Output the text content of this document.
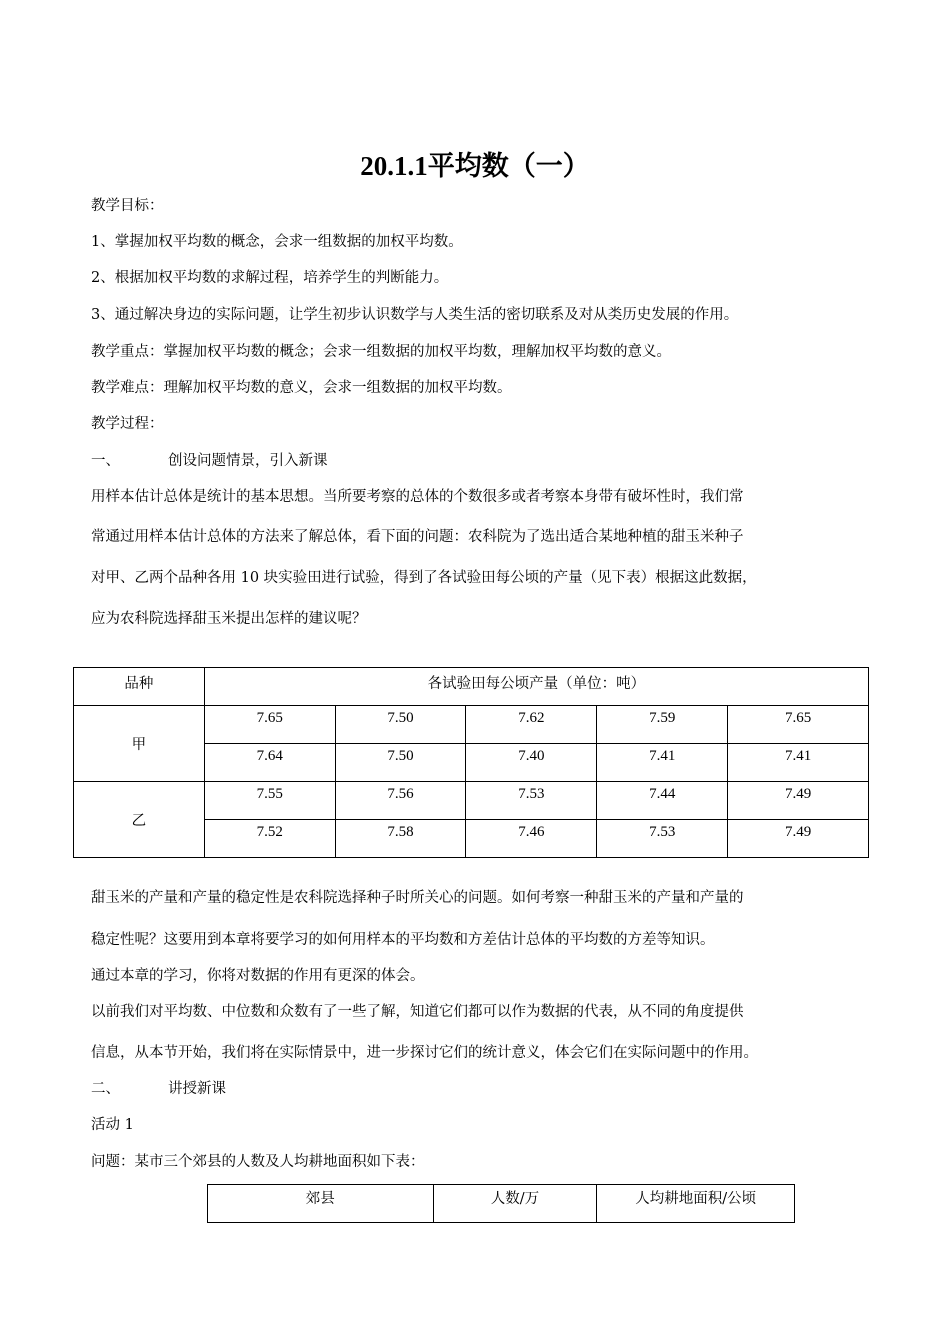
20.1.1平均数（一）
教学目标：
1、掌握加权平均数的概念，会求一组数据的加权平均数。
2、根据加权平均数的求解过程，培养学生的判断能力。
3、通过解决身边的实际问题，让学生初步认识数学与人类生活的密切联系及对从类历史发展的作用。
教学重点：掌握加权平均数的概念；会求一组数据的加权平均数，理解加权平均数的意义。
教学难点：理解加权平均数的意义，会求一组数据的加权平均数。
教学过程：
一、	创设问题情景，引入新课
用样本估计总体是统计的基本思想。当所要考察的总体的个数很多或者考察本身带有破坏性时，我们常
常通过用样本估计总体的方法来了解总体，看下面的问题：农科院为了选出适合某地种植的甜玉米种子
对甲、乙两个品种各用 10 块实验田进行试验，得到了各试验田每公顷的产量（见下表）根据这此数据，
应为农科院选择甜玉米提出怎样的建议呢？
品种	各试验田每公顷产量（单位：吨）				
甲	7.65	7.50	7.62	7.59	7.65
	7.64	7.50	7.40	7.41	7.41
乙	7.55	7.56	7.53	7.44	7.49
	7.52	7.58	7.46	7.53	7.49
甜玉米的产量和产量的稳定性是农科院选择种子时所关心的问题。如何考察一种甜玉米的产量和产量的
稳定性呢？这要用到本章将要学习的如何用样本的平均数和方差估计总体的平均数的方差等知识。
通过本章的学习，你将对数据的作用有更深的体会。
以前我们对平均数、中位数和众数有了一些了解，知道它们都可以作为数据的代表，从不同的角度提供
信息，从本节开始，我们将在实际情景中，进一步探讨它们的统计意义，体会它们在实际问题中的作用。
二、	讲授新课
活动 1
问题：某市三个郊县的人数及人均耕地面积如下表：
郊县	人数/万	人均耕地面积/公顷
